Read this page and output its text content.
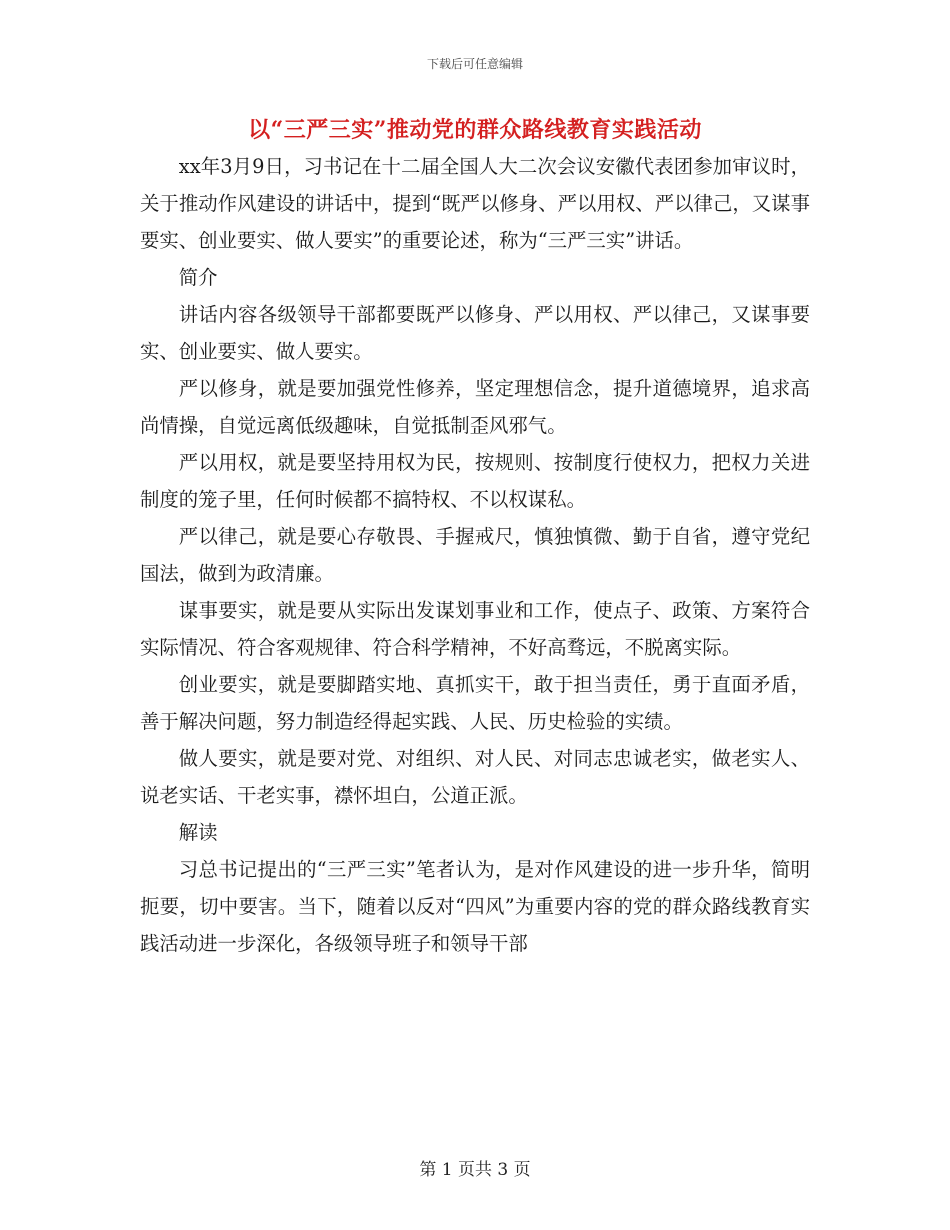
下载后可任意编辑
以“三严三实”推动党的群众路线教育实践活动

xx年3月9日，习书记在十二届全国人大二次会议安徽代表团参加审议时，关于推动作风建设的讲话中，提到“既严以修身、严以用权、严以律己，又谋事要实、创业要实、做人要实”的重要论述，称为“三严三实”讲话。

简介

讲话内容各级领导干部都要既严以修身、严以用权、严以律己，又谋事要实、创业要实、做人要实。

严以修身，就是要加强党性修养，坚定理想信念，提升道德境界，追求高尚情操，自觉远离低级趣味，自觉抵制歪风邪气。

严以用权，就是要坚持用权为民，按规则、按制度行使权力，把权力关进制度的笼子里，任何时候都不搞特权、不以权谋私。

严以律己，就是要心存敬畏、手握戒尺，慎独慎微、勤于自省，遵守党纪国法，做到为政清廉。

谋事要实，就是要从实际出发谋划事业和工作，使点子、政策、方案符合实际情况、符合客观规律、符合科学精神，不好高骛远，不脱离实际。

创业要实，就是要脚踏实地、真抓实干，敢于担当责任，勇于直面矛盾，善于解决问题，努力制造经得起实践、人民、历史检验的实绩。

做人要实，就是要对党、对组织、对人民、对同志忠诚老实，做老实人、说老实话、干老实事，襟怀坦白，公道正派。

解读

习总书记提出的“三严三实”笔者认为，是对作风建设的进一步升华，简明扼要，切中要害。当下，随着以反对“四风”为重要内容的党的群众路线教育实践活动进一步深化，各级领导班子和领导干部

第 1 页共 3 页
